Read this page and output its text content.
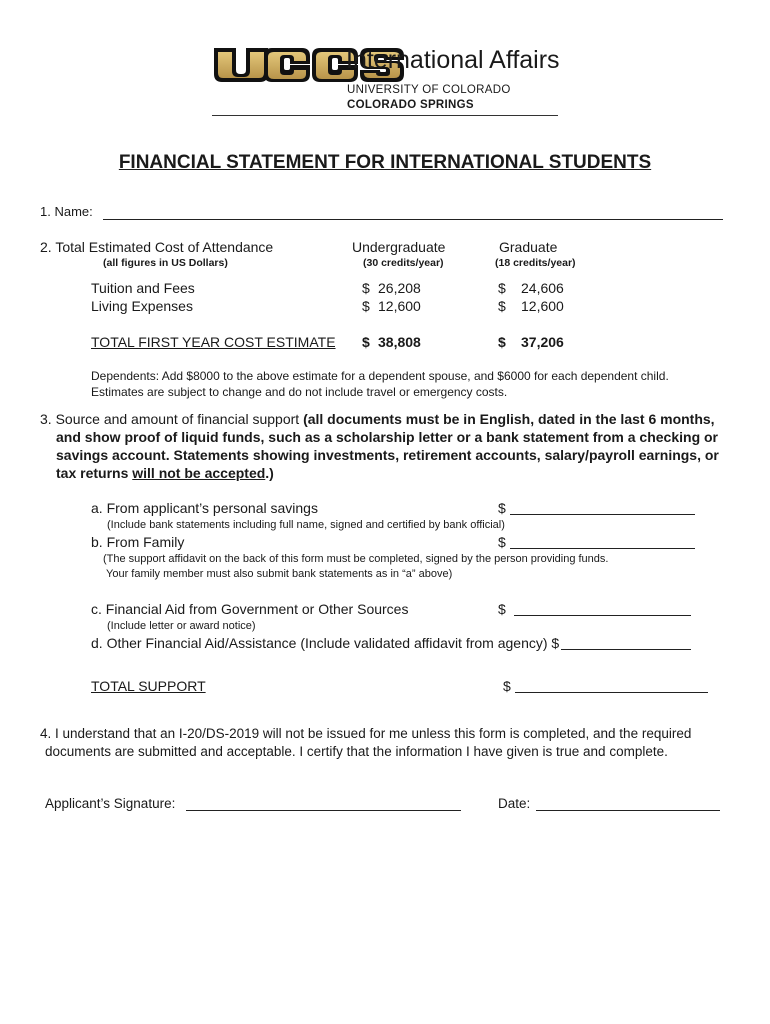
International Affairs
UNIVERSITY OF COLORADO
COLORADO SPRINGS
FINANCIAL STATEMENT FOR INTERNATIONAL STUDENTS
1. Name:
2. Total Estimated Cost of Attendance
(all figures in US Dollars)
Undergraduate
(30 credits/year)
Graduate
(18 credits/year)
Tuition and Fees	$ 26,208	$ 24,606
Living Expenses	$ 12,600	$ 12,600
TOTAL FIRST YEAR COST ESTIMATE $ 38,808	$ 37,206
Dependents: Add $8000 to the above estimate for a dependent spouse, and $6000 for each dependent child.
Estimates are subject to change and do not include travel or emergency costs.
3. Source and amount of financial support (all documents must be in English, dated in the last 6 months,
and show proof of liquid funds, such as a scholarship letter or a bank statement from a checking or
savings account. Statements showing investments, retirement accounts, salary/payroll earnings, or
tax returns will not be accepted.)
a. From applicant’s personal savings	$
(Include bank statements including full name, signed and certified by bank official)
b. From Family	$
(The support affidavit on the back of this form must be completed, signed by the person providing funds.
Your family member must also submit bank statements as in “a” above)
c. Financial Aid from Government or Other Sources	$
(Include letter or award notice)
d. Other Financial Aid/Assistance (Include validated affidavit from agency) $
TOTAL SUPPORT	$
4. I understand that an I-20/DS-2019 will not be issued for me unless this form is completed, and the required
documents are submitted and acceptable. I certify that the information I have given is true and complete.
Applicant’s Signature:	Date:
